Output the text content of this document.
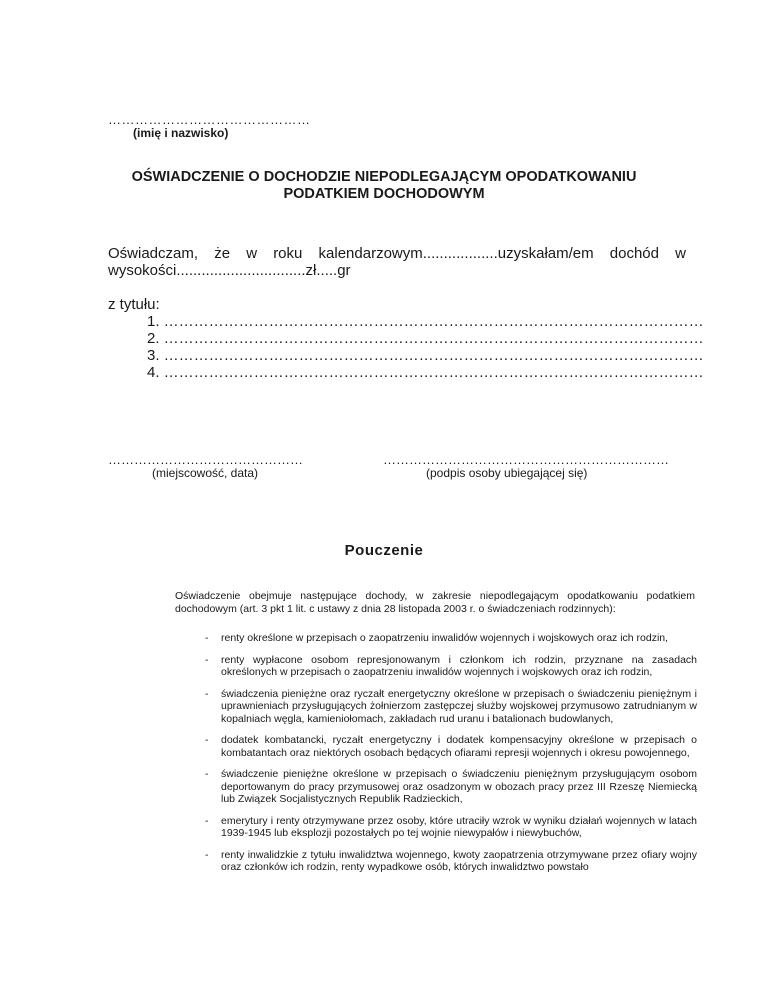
………………………………………
(imię i nazwisko)
OŚWIADCZENIE O DOCHODZIE NIEPODLEGAJĄCYM OPODATKOWANIU
PODATKIEM DOCHODOWYM
Oświadczam, że w roku kalendarzowym..................uzyskałam/em dochód w
wysokości...............................zł.....gr
z tytułu:
1. ………………………………………………………………………………………………
2. ………………………………………………………………………………………………
3. ………………………………………………………………………………………………
4. ………………………………………………………………………………………………
………………………………………
(miejscowość, data)
…………………………………………………………
(podpis osoby ubiegającej się)
Pouczenie
Oświadczenie obejmuje następujące dochody, w zakresie niepodlegającym opodatkowaniu podatkiem dochodowym (art. 3 pkt 1 lit. c ustawy z dnia 28 listopada 2003 r. o świadczeniach rodzinnych):
- renty określone w przepisach o zaopatrzeniu inwalidów wojennych i wojskowych oraz ich rodzin,
- renty wypłacone osobom represjonowanym i członkom ich rodzin, przyznane na zasadach określonych w przepisach o zaopatrzeniu inwalidów wojennych i wojskowych oraz ich rodzin,
- świadczenia pieniężne oraz ryczałt energetyczny określone w przepisach o świadczeniu pieniężnym i uprawnieniach przysługujących żołnierzom zastępczej służby wojskowej przymusowo zatrudnianym w kopalniach węgla, kamieniołomach, zakładach rud uranu i batalionach budowlanych,
- dodatek kombatancki, ryczałt energetyczny i dodatek kompensacyjny określone w przepisach o kombatantach oraz niektórych osobach będących ofiarami represji wojennych i okresu powojennego,
- świadczenie pieniężne określone w przepisach o świadczeniu pieniężnym przysługującym osobom deportowanym do pracy przymusowej oraz osadzonym w obozach pracy przez III Rzeszę Niemiecką lub Związek Socjalistycznych Republik Radzieckich,
- emerytury i renty otrzymywane przez osoby, które utraciły wzrok w wyniku działań wojennych w latach 1939-1945 lub eksplozji pozostałych po tej wojnie niewypałów i niewybuchów,
- renty inwalidzkie z tytułu inwalidztwa wojennego, kwoty zaopatrzenia otrzymywane przez ofiary wojny oraz członków ich rodzin, renty wypadkowe osób, których inwalidztwo powstało
